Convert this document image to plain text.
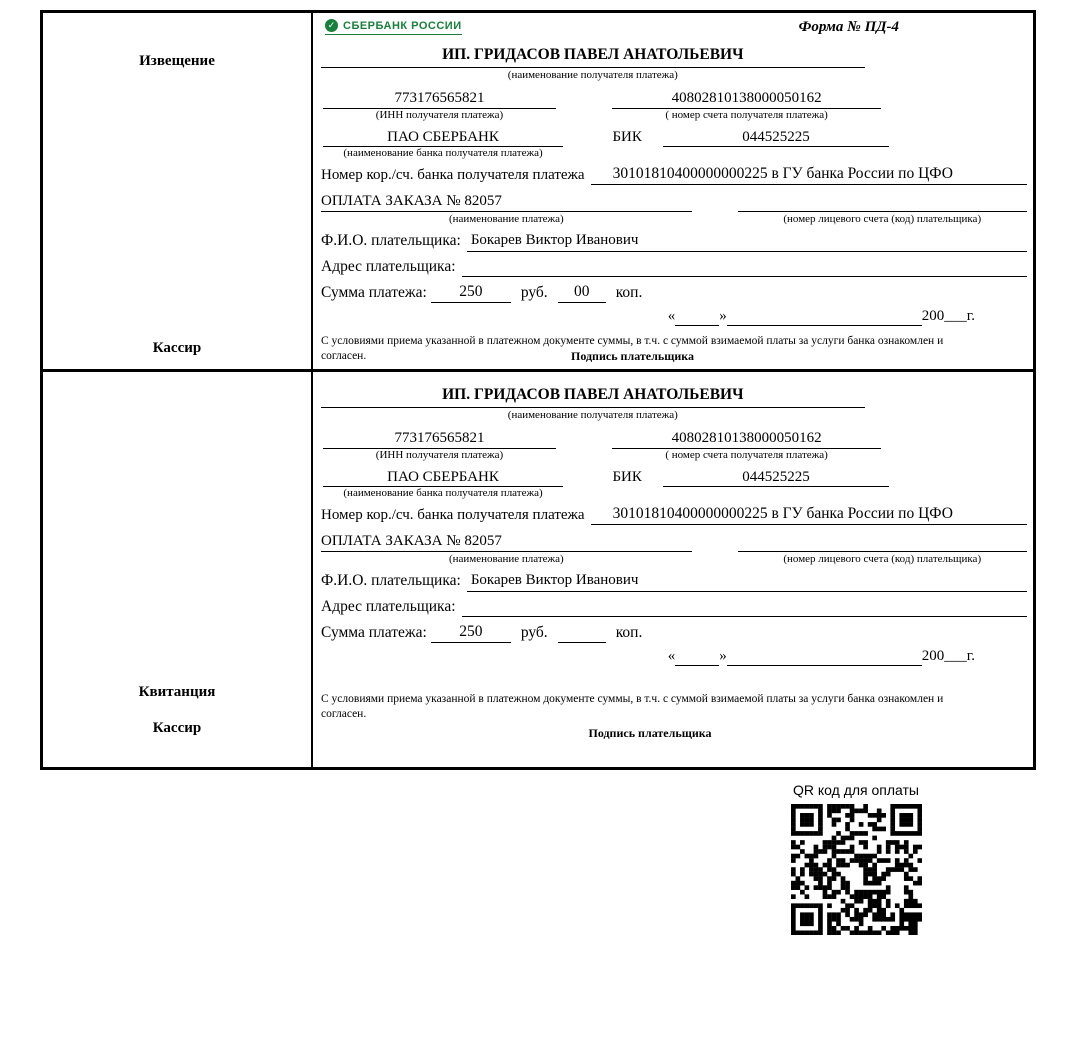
Извещение
Кассир
✓ СБЕРБАНК РОССИИ	Форма № ПД-4
ИП. ГРИДАСОВ ПАВЕЛ АНАТОЛЬЕВИЧ
(наименование получателя платежа)
773176565821
(ИНН получателя платежа)
40802810138000050162
( номер счета получателя платежа)
ПАО СБЕРБАНК
(наименование банка получателя платежа)
БИК	044525225
Номер кор./сч. банка получателя платежа	30101810400000000225 в ГУ банка России по ЦФО
ОПЛАТА ЗАКАЗА № 82057
(наименование платежа)	(номер лицевого счета (код) плательщика)
Ф.И.О. плательщика: Бокарев Виктор Иванович
Адрес плательщика:
Сумма платежа:	250	руб.	00	коп.
«	»	200___г.
С условиями приема указанной в платежном документе суммы, в т.ч. с суммой взимаемой платы за услуги банка ознакомлен и согласен.	Подпись плательщика
Квитанция
Кассир
ИП. ГРИДАСОВ ПАВЕЛ АНАТОЛЬЕВИЧ
(наименование получателя платежа)
773176565821
(ИНН получателя платежа)
40802810138000050162
( номер счета получателя платежа)
ПАО СБЕРБАНК
(наименование банка получателя платежа)
БИК	044525225
Номер кор./сч. банка получателя платежа	30101810400000000225 в ГУ банка России по ЦФО
ОПЛАТА ЗАКАЗА № 82057
(наименование платежа)	(номер лицевого счета (код) плательщика)
Ф.И.О. плательщика: Бокарев Виктор Иванович
Адрес плательщика:
Сумма платежа:	250	руб.	коп.
«	»	200___г.
С условиями приема указанной в платежном документе суммы, в т.ч. с суммой взимаемой платы за услуги банка ознакомлен и согласен.
Подпись плательщика
QR код для оплаты
